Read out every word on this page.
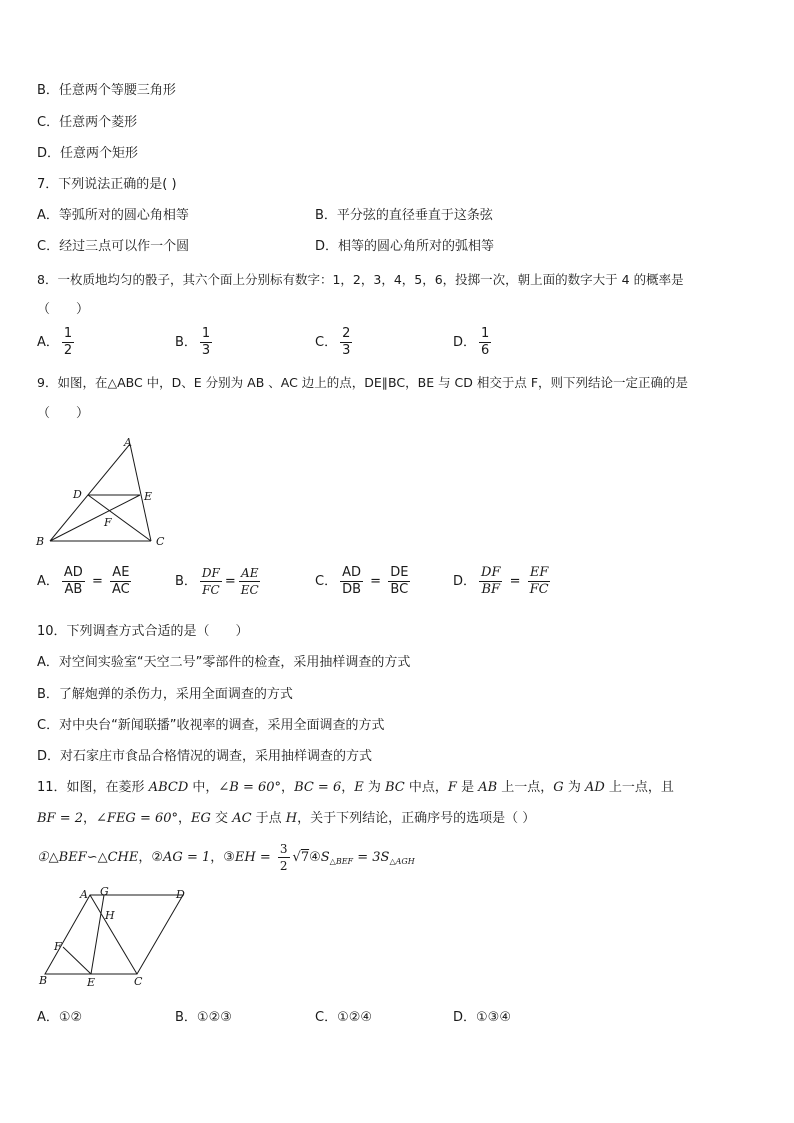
B．任意两个等腰三角形
C．任意两个菱形
D．任意两个矩形
7．下列说法正确的是( )
A．等弧所对的圆心角相等	B．平分弦的直径垂直于这条弦
C．经过三点可以作一个圆	D．相等的圆心角所对的弧相等
8．一枚质地均匀的骰子，其六个面上分别标有数字：1，2，3，4，5，6，投掷一次，朝上面的数字大于 4 的概率是
（　　）
A． $\frac{1}{2}$	B． $\frac{1}{3}$	C． $\frac{2}{3}$	D． $\frac{1}{6}$
9．如图，在△ABC 中，D、E 分别为 AB 、AC 边上的点，DE∥BC，BE 与 CD 相交于点 F，则下列结论一定正确的是
（　　）
A
D	E
F
B	C
A． $\frac{AD}{AB} = \frac{AE}{AC}$	B． $\frac{DF}{FC} = \frac{AE}{EC}$	C． $\frac{AD}{DB} = \frac{DE}{BC}$	D． $\frac{DF}{BF} = \frac{EF}{FC}$
10．下列调查方式合适的是（　　）
A．对空间实验室“天空二号”零部件的检查，采用抽样调查的方式
B．了解炮弹的杀伤力，采用全面调查的方式
C．对中央台“新闻联播”收视率的调查，采用全面调查的方式
D．对石家庄市食品合格情况的调查，采用抽样调查的方式
11．如图，在菱形 ABCD 中，∠B = 60°，BC = 6，E 为 BC 中点，F 是 AB 上一点，G 为 AD 上一点，且
BF = 2，∠FEG = 60°，EG 交 AC 于点 H，关于下列结论，正确序号的选项是（ ）
①△BEF∽△CHE，②AG = 1，③EH = $\frac{3}{2}$ $√7④S_{\triangle BEF} = 3S_{\triangle AGH}$
A G	D
H
F
B	E	C
A．①②	B．①②③	C．①②④	D．①③④
